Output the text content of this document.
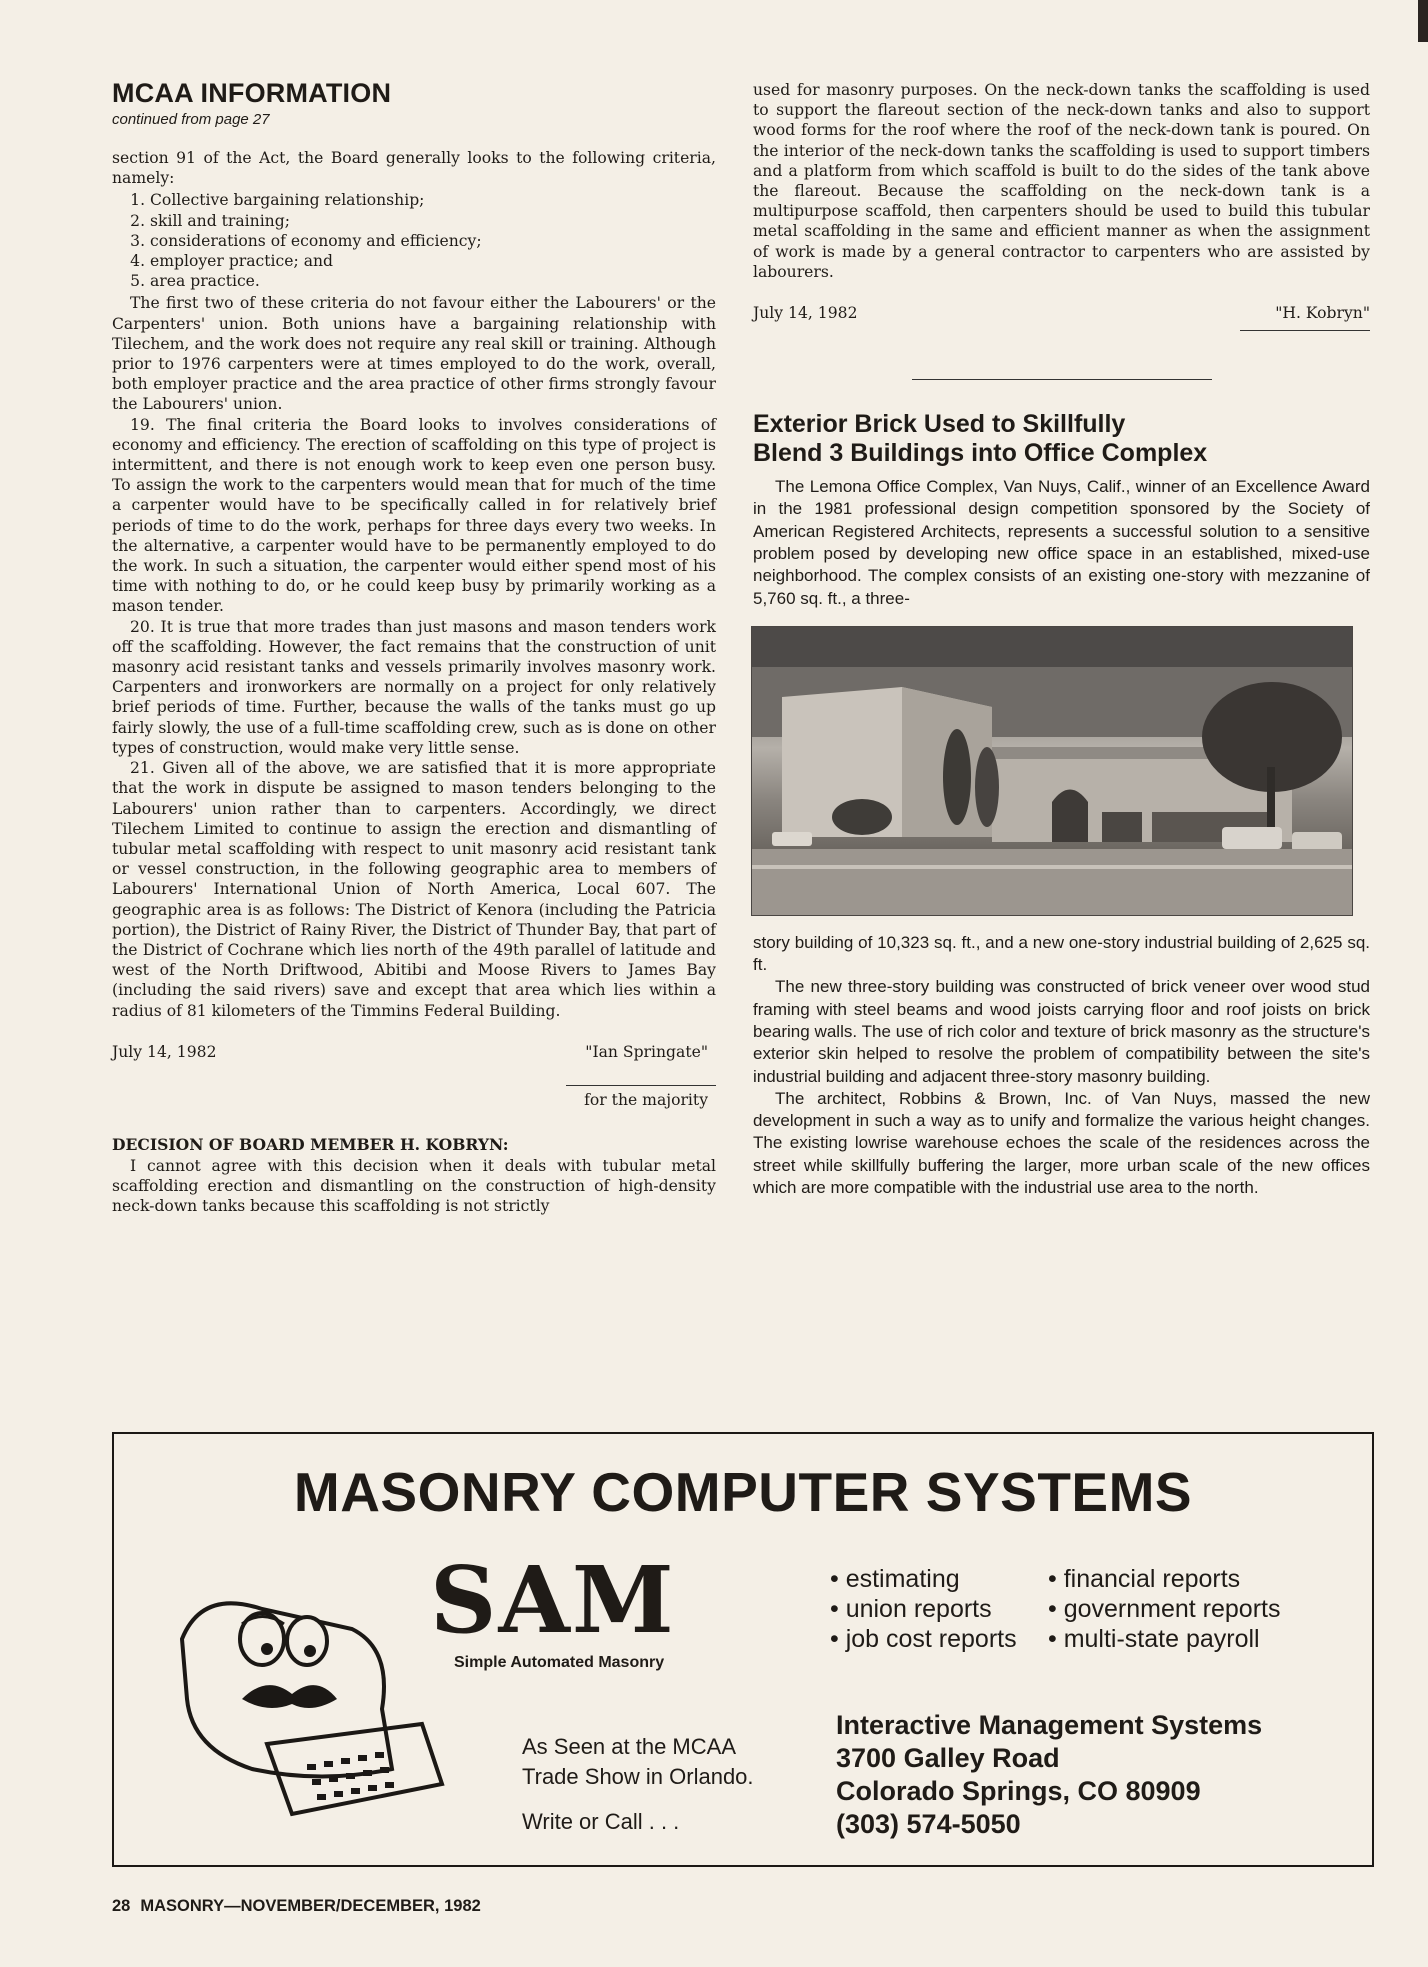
MCAA INFORMATION
continued from page 27

section 91 of the Act, the Board generally looks to the following criteria, namely:

1. Collective bargaining relationship;
2. skill and training;
3. considerations of economy and efficiency;
4. employer practice; and
5. area practice.

The first two of these criteria do not favour either the Labourers' or the Carpenters' union. Both unions have a bargaining relationship with Tilechem, and the work does not require any real skill or training. Although prior to 1976 carpenters were at times employed to do the work, overall, both employer practice and the area practice of other firms strongly favour the Labourers' union.

19. The final criteria the Board looks to involves considerations of economy and efficiency. The erection of scaffolding on this type of project is intermittent, and there is not enough work to keep even one person busy. To assign the work to the carpenters would mean that for much of the time a carpenter would have to be specifically called in for relatively brief periods of time to do the work, perhaps for three days every two weeks. In the alternative, a carpenter would have to be permanently employed to do the work. In such a situation, the carpenter would either spend most of his time with nothing to do, or he could keep busy by primarily working as a mason tender.

20. It is true that more trades than just masons and mason tenders work off the scaffolding. However, the fact remains that the construction of unit masonry acid resistant tanks and vessels primarily involves masonry work. Carpenters and ironworkers are normally on a project for only relatively brief periods of time. Further, because the walls of the tanks must go up fairly slowly, the use of a full-time scaffolding crew, such as is done on other types of construction, would make very little sense.

21. Given all of the above, we are satisfied that it is more appropriate that the work in dispute be assigned to mason tenders belonging to the Labourers' union rather than to carpenters. Accordingly, we direct Tilechem Limited to continue to assign the erection and dismantling of tubular metal scaffolding with respect to unit masonry acid resistant tank or vessel construction, in the following geographic area to members of Labourers' International Union of North America, Local 607. The geographic area is as follows: The District of Kenora (including the Patricia portion), the District of Rainy River, the District of Thunder Bay, that part of the District of Cochrane which lies north of the 49th parallel of latitude and west of the North Driftwood, Abitibi and Moose Rivers to James Bay (including the said rivers) save and except that area which lies within a radius of 81 kilometers of the Timmins Federal Building.

July 14, 1982	"Ian Springate"
for the majority
DECISION OF BOARD MEMBER H. KOBRYN:

I cannot agree with this decision when it deals with tubular metal scaffolding erection and dismantling on the construction of high-density neck-down tanks because this scaffolding is not strictly

used for masonry purposes. On the neck-down tanks the scaffolding is used to support the flareout section of the neck-down tanks and also to support wood forms for the roof where the roof of the neck-down tank is poured. On the interior of the neck-down tanks the scaffolding is used to support timbers and a platform from which scaffold is built to do the sides of the tank above the flareout. Because the scaffolding on the neck-down tank is a multipurpose scaffold, then carpenters should be used to build this tubular metal scaffolding in the same and efficient manner as when the assignment of work is made by a general contractor to carpenters who are assisted by labourers.

July 14, 1982	"H. Kobryn"
Exterior Brick Used to Skillfully
Blend 3 Buildings into Office Complex

The Lemona Office Complex, Van Nuys, Calif., winner of an Excellence Award in the 1981 professional design competition sponsored by the Society of American Registered Architects, represents a successful solution to a sensitive problem posed by developing new office space in an established, mixed-use neighborhood. The complex consists of an existing one-story with mezzanine of 5,760 sq. ft., a three-

story building of 10,323 sq. ft., and a new one-story industrial building of 2,625 sq. ft.

The new three-story building was constructed of brick veneer over wood stud framing with steel beams and wood joists carrying floor and roof joists on brick bearing walls. The use of rich color and texture of brick masonry as the structure's exterior skin helped to resolve the problem of compatibility between the site's industrial building and adjacent three-story masonry building.

The architect, Robbins & Brown, Inc. of Van Nuys, massed the new development in such a way as to unify and formalize the various height changes. The existing lowrise warehouse echoes the scale of the residences across the street while skillfully buffering the larger, more urban scale of the new offices which are more compatible with the industrial use area to the north.

MASONRY COMPUTER SYSTEMS
SAM
Simple Automated Masonry
As Seen at the MCAA
Trade Show in Orlando.
Write or Call . . .
• estimating	• financial reports
• union reports	• government reports
• job cost reports	• multi-state payroll
Interactive Management Systems
3700 Galley Road
Colorado Springs, CO 80909
(303) 574-5050
28 MASONRY—NOVEMBER/DECEMBER, 1982
